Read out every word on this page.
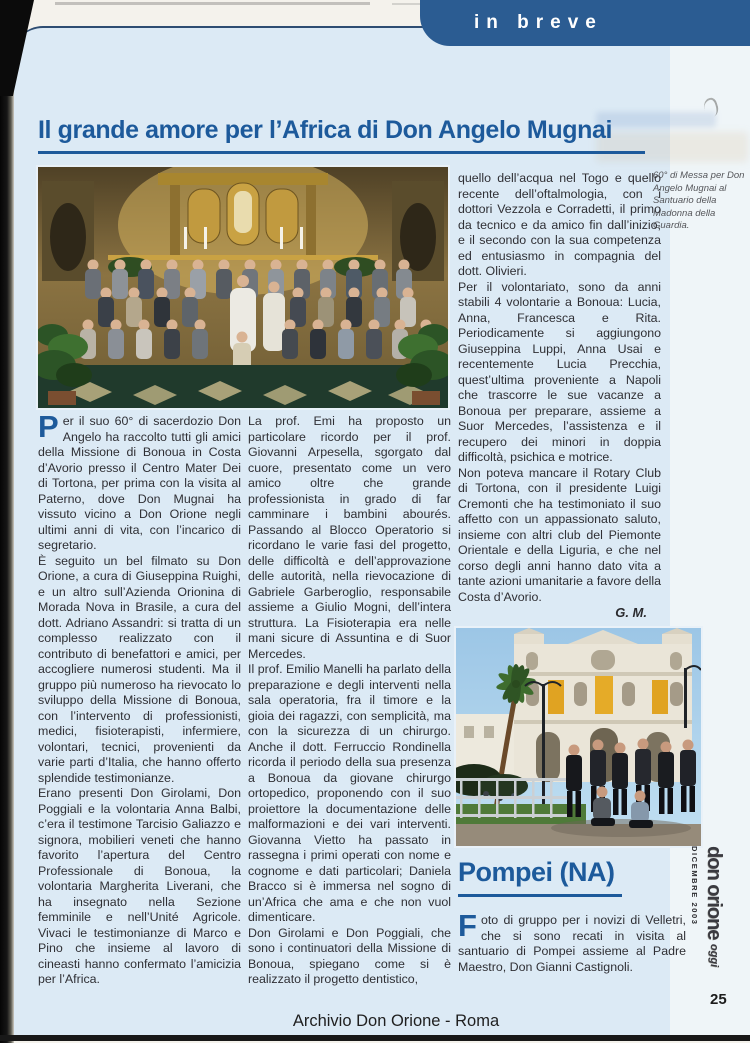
in breve
Il grande amore per l’Africa di Don Angelo Mugnai
60° di Messa per Don Angelo Mugnai al Santuario della Madonna della Guardia.

quello dell’acqua nel Togo e quello recente dell’oftalmologia, con i dottori Vezzola e Corradetti, il primo da tecnico e da amico fin dall’inizio, e il secondo con la sua competenza ed entusiasmo in compagnia del dott. Olivieri.

Per il volontariato, sono da anni stabili 4 volontarie a Bonoua: Lucia, Anna, Francesca e Rita. Periodicamente si aggiungono Giuseppina Luppi, Anna Usai e recentemente Lucia Precchia, quest’ultima proveniente a Napoli che trascorre le sue vacanze a Bonoua per preparare, assieme a Suor Mercedes, l’assistenza e il recupero dei minori in doppia difficoltà, psichica e motrice.

Non poteva mancare il Rotary Club di Tortona, con il presidente Luigi Cremonti che ha testimoniato il suo affetto con un appassionato saluto, insieme con altri club del Piemonte Orientale e della Liguria, e che nel corso degli anni hanno dato vita a tante azioni umanitarie a favore della Costa d’Avorio.

G. M.

Per il suo 60° di sacerdozio Don Angelo ha raccolto tutti gli amici della Missione di Bonoua in Costa d’Avorio presso il Centro Mater Dei di Tortona, per prima con la visita al Paterno, dove Don Mugnai ha vissuto vicino a Don Orione negli ultimi anni di vita, con l’incarico di segretario.

È seguito un bel filmato su Don Orione, a cura di Giuseppina Ruighi, e un altro sull’Azienda Orionina di Morada Nova in Brasile, a cura del dott. Adriano Assandri: si tratta di un complesso realizzato con il contributo di benefattori e amici, per accogliere numerosi studenti. Ma il gruppo più numeroso ha rievocato lo sviluppo della Missione di Bonoua, con l’intervento di professionisti, medici, fisioterapisti, infermiere, volontari, tecnici, provenienti da varie parti d’Italia, che hanno offerto splendide testimonianze.

Erano presenti Don Girolami, Don Poggiali e la volontaria Anna Balbi, c’era il testimone Tarcisio Galiazzo e signora, mobilieri veneti che hanno favorito l’apertura del Centro Professionale di Bonoua, la volontaria Margherita Liverani, che ha insegnato nella Sezione femminile e nell’Unité Agricole. Vivaci le testimonianze di Marco e Pino che insieme al lavoro di cineasti hanno confermato l’amicizia per l’Africa.

La prof. Emi ha proposto un particolare ricordo per il prof. Giovanni Arpesella, sgorgato dal cuore, presentato come un vero amico oltre che grande professionista in grado di far camminare i bambini abourés. Passando al Blocco Operatorio si ricordano le varie fasi del progetto, delle difficoltà e dell’approvazione delle autorità, nella rievocazione di Gabriele Garberoglio, responsabile assieme a Giulio Mogni, dell’intera struttura. La Fisioterapia era nelle mani sicure di Assuntina e di Suor Mercedes.

Il prof. Emilio Manelli ha parlato della preparazione e degli interventi nella sala operatoria, fra il timore e la gioia dei ragazzi, con semplicità, ma con la sicurezza di un chirurgo. Anche il dott. Ferruccio Rondinella ricorda il periodo della sua presenza a Bonoua da giovane chirurgo ortopedico, proponendo con il suo proiettore la documentazione delle malformazioni e dei vari interventi. Giovanna Vietto ha passato in rassegna i primi operati con nome e cognome e dati particolari; Daniela Bracco si è immersa nel sogno di un’Africa che ama e che non vuol dimenticare.

Don Girolami e Don Poggiali, che sono i continuatori della Missione di Bonoua, spiegano come si è realizzato il progetto dentistico,

Pompei (NA)
Foto di gruppo per i novizi di Velletri, che si sono recati in visita al santuario di Pompei assieme al Padre Maestro, Don Gianni Castignoli.
DICEMBRE 2003 don orione oggi
25
Archivio Don Orione - Roma
